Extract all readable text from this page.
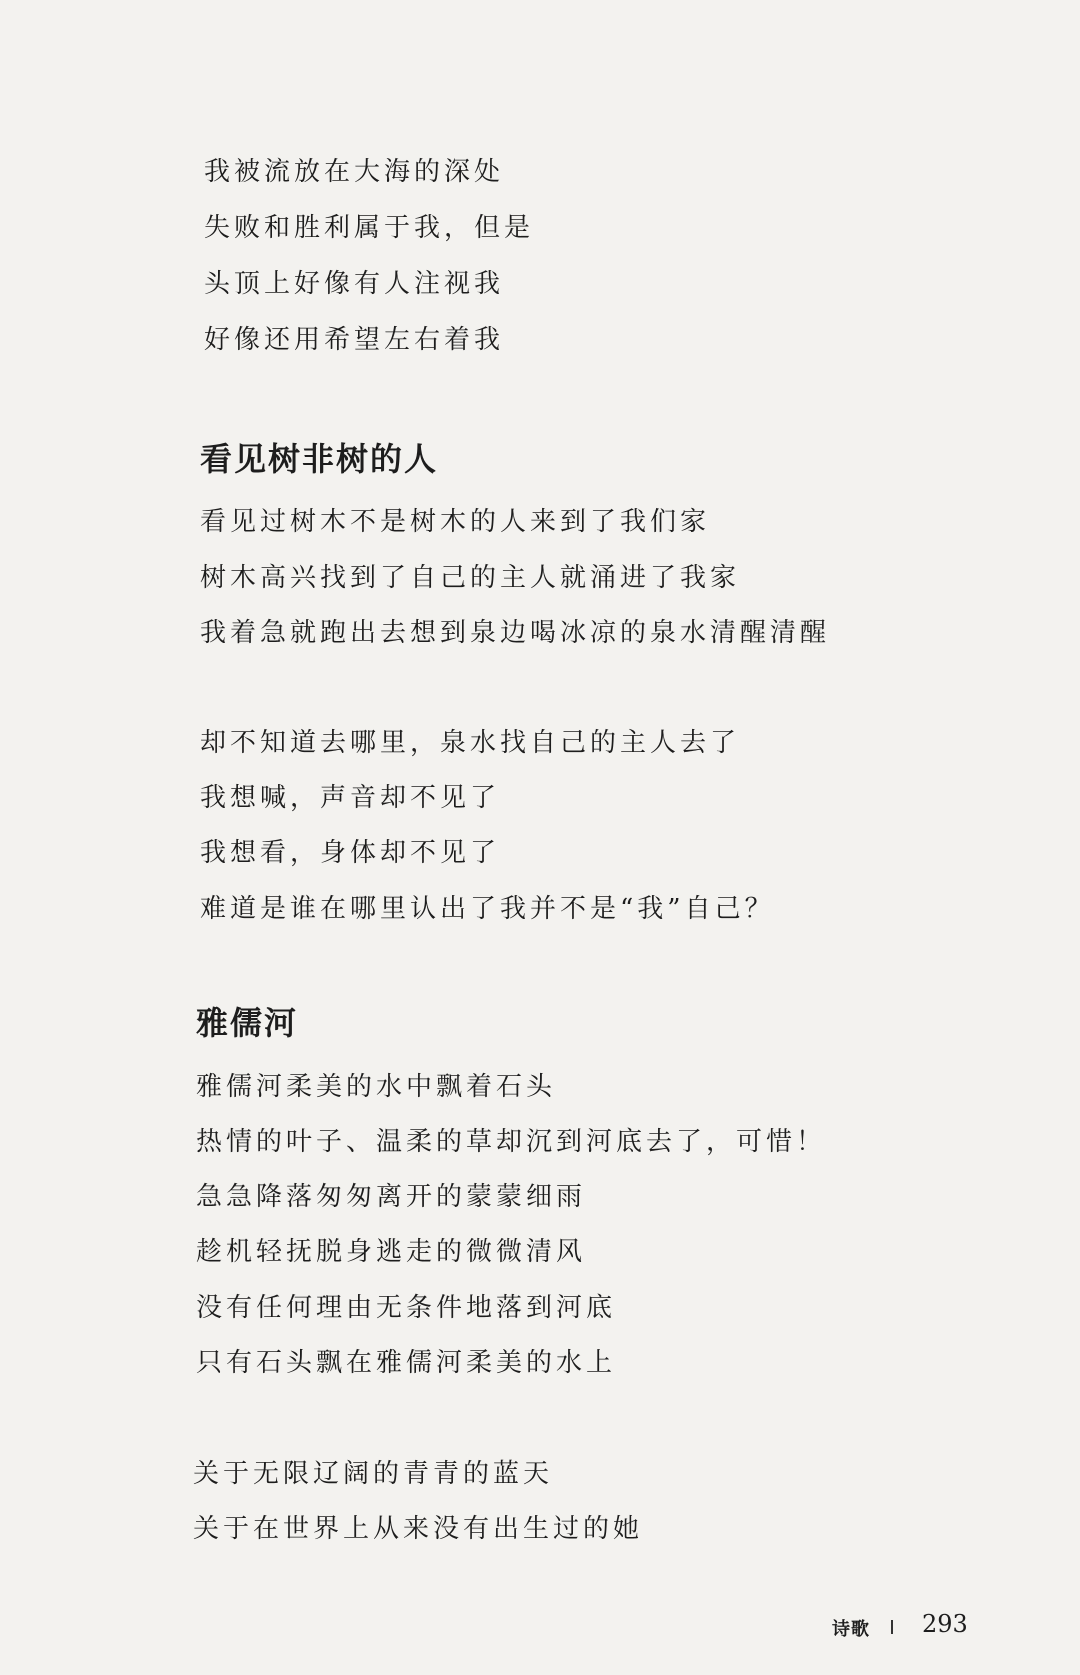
我被流放在大海的深处
失败和胜利属于我，但是
头顶上好像有人注视我
好像还用希望左右着我
看见树非树的人
看见过树木不是树木的人来到了我们家
树木高兴找到了自己的主人就涌进了我家
我着急就跑出去想到泉边喝冰凉的泉水清醒清醒
却不知道去哪里，泉水找自己的主人去了
我想喊，声音却不见了
我想看，身体却不见了
难道是谁在哪里认出了我并不是“我”自己？
雅儒河
雅儒河柔美的水中飘着石头
热情的叶子、温柔的草却沉到河底去了，可惜！
急急降落匆匆离开的蒙蒙细雨
趁机轻抚脱身逃走的微微清风
没有任何理由无条件地落到河底
只有石头飘在雅儒河柔美的水上
关于无限辽阔的青青的蓝天
关于在世界上从来没有出生过的她
诗歌 293
